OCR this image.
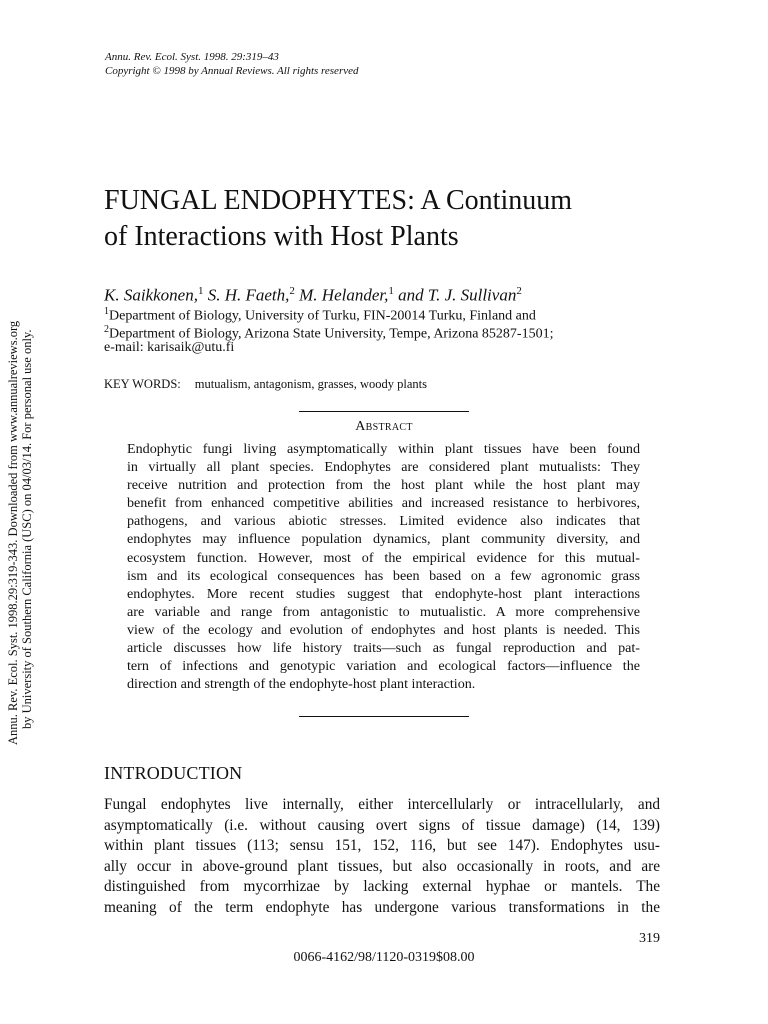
Annu. Rev. Ecol. Syst. 1998. 29:319–43
Copyright © 1998 by Annual Reviews. All rights reserved
Annu. Rev. Ecol. Syst. 1998.29:319-343. Downloaded from www.annualreviews.org by University of Southern California (USC) on 04/03/14. For personal use only.
FUNGAL ENDOPHYTES: A Continuum
of Interactions with Host Plants
K. Saikkonen,$^1$ S. H. Faeth,$^2$ M. Helander,$^1$ and T. J. Sullivan$^2$
$^1$Department of Biology, University of Turku, FIN-20014 Turku, Finland and
$^2$Department of Biology, Arizona State University, Tempe, Arizona 85287-1501;
e-mail: karisaik@utu.fi
KEY WORDS: mutualism, antagonism, grasses, woody plants
Abstract
Endophytic fungi living asymptomatically within plant tissues have been found
in virtually all plant species. Endophytes are considered plant mutualists: They
receive nutrition and protection from the host plant while the host plant may
benefit from enhanced competitive abilities and increased resistance to herbivores,
pathogens, and various abiotic stresses. Limited evidence also indicates that
endophytes may influence population dynamics, plant community diversity, and
ecosystem function. However, most of the empirical evidence for this mutual-
ism and its ecological consequences has been based on a few agronomic grass
endophytes. More recent studies suggest that endophyte-host plant interactions
are variable and range from antagonistic to mutualistic. A more comprehensive
view of the ecology and evolution of endophytes and host plants is needed. This
article discusses how life history traits—such as fungal reproduction and pat-
tern of infections and genotypic variation and ecological factors—influence the
direction and strength of the endophyte-host plant interaction.
INTRODUCTION
Fungal endophytes live internally, either intercellularly or intracellularly, and
asymptomatically (i.e. without causing overt signs of tissue damage) (14, 139)
within plant tissues (113; sensu 151, 152, 116, but see 147). Endophytes usu-
ally occur in above-ground plant tissues, but also occasionally in roots, and are
distinguished from mycorrhizae by lacking external hyphae or mantels. The
meaning of the term endophyte has undergone various transformations in the
319
0066-4162/98/1120-0319$08.00
